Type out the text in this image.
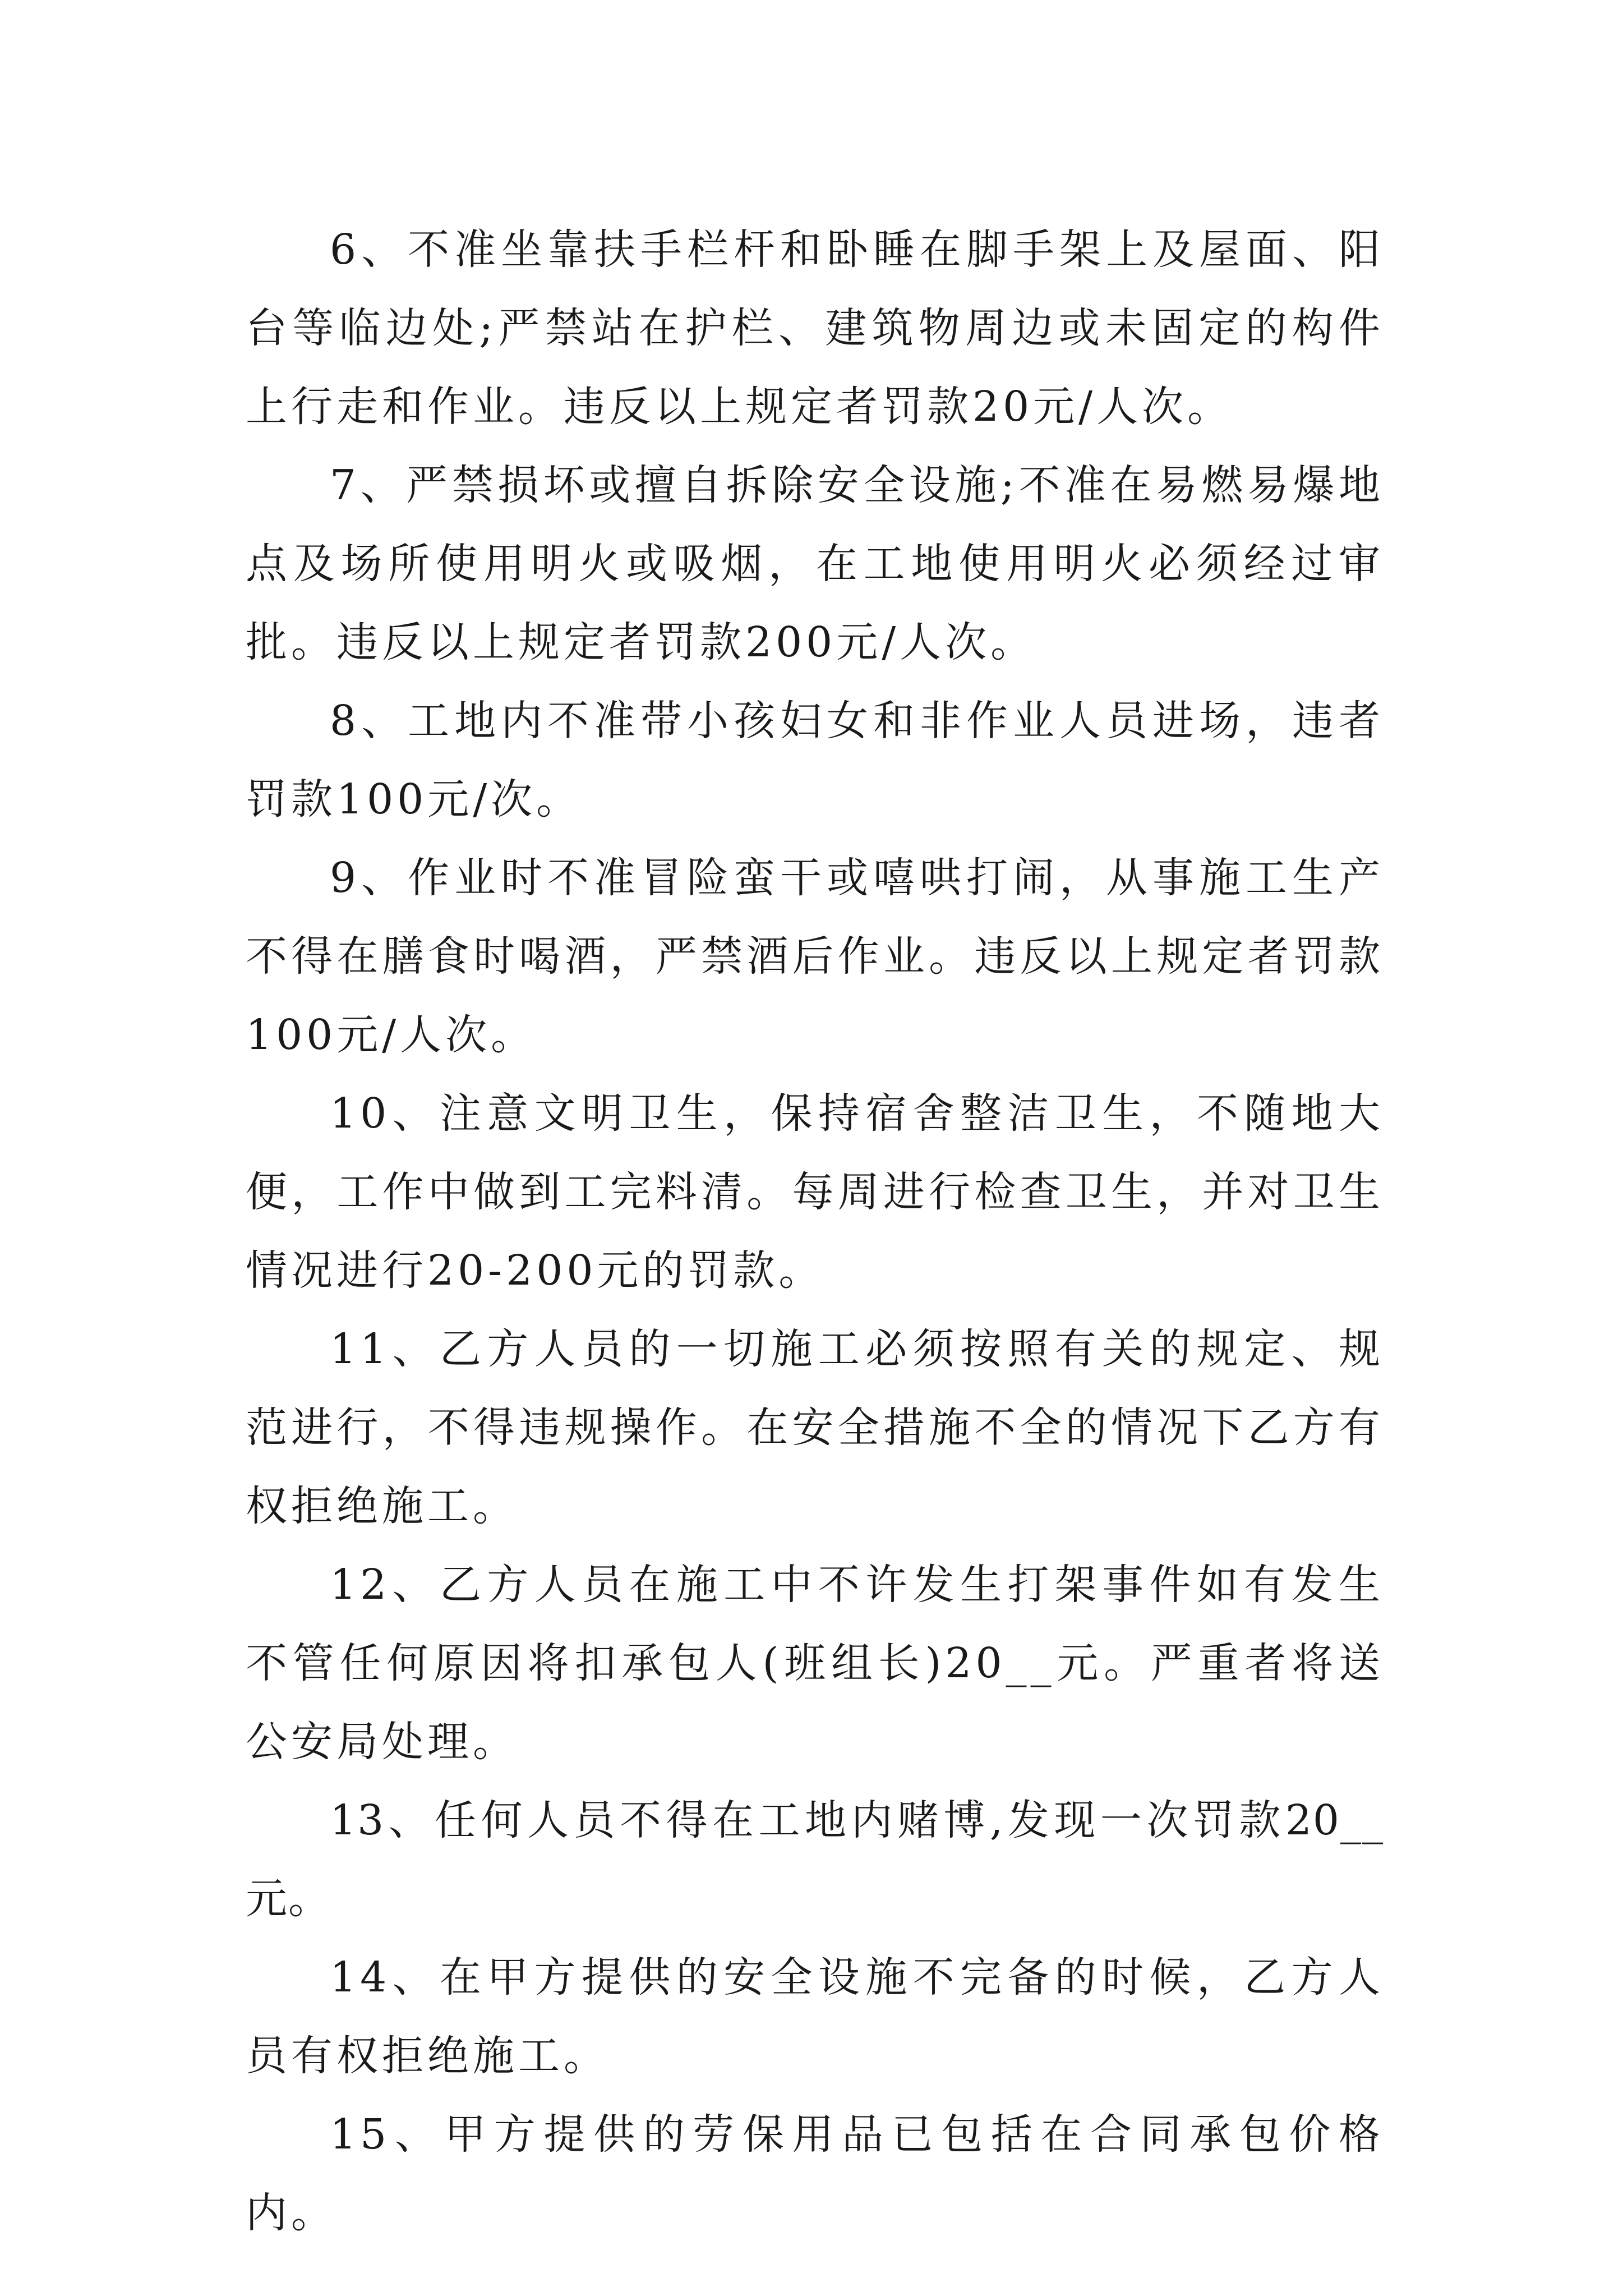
6、不准坐靠扶手栏杆和卧睡在脚手架上及屋面、阳台等临边处;严禁站在护栏、建筑物周边或未固定的构件上行走和作业。违反以上规定者罚款20元/人次。

7、严禁损坏或擅自拆除安全设施;不准在易燃易爆地点及场所使用明火或吸烟，在工地使用明火必须经过审批。违反以上规定者罚款200元/人次。

8、工地内不准带小孩妇女和非作业人员进场，违者罚款100元/次。

9、作业时不准冒险蛮干或嘻哄打闹，从事施工生产不得在膳食时喝酒，严禁酒后作业。违反以上规定者罚款100元/人次。

10、注意文明卫生，保持宿舍整洁卫生，不随地大便，工作中做到工完料清。每周进行检查卫生，并对卫生情况进行20-200元的罚款。

11、乙方人员的一切施工必须按照有关的规定、规范进行，不得违规操作。在安全措施不全的情况下乙方有权拒绝施工。

12、乙方人员在施工中不许发生打架事件如有发生不管任何原因将扣承包人(班组长)20__元。严重者将送公安局处理。

13、任何人员不得在工地内赌博,发现一次罚款20__元。

14、在甲方提供的安全设施不完备的时候，乙方人员有权拒绝施工。

15、甲方提供的劳保用品已包括在合同承包价格内。
